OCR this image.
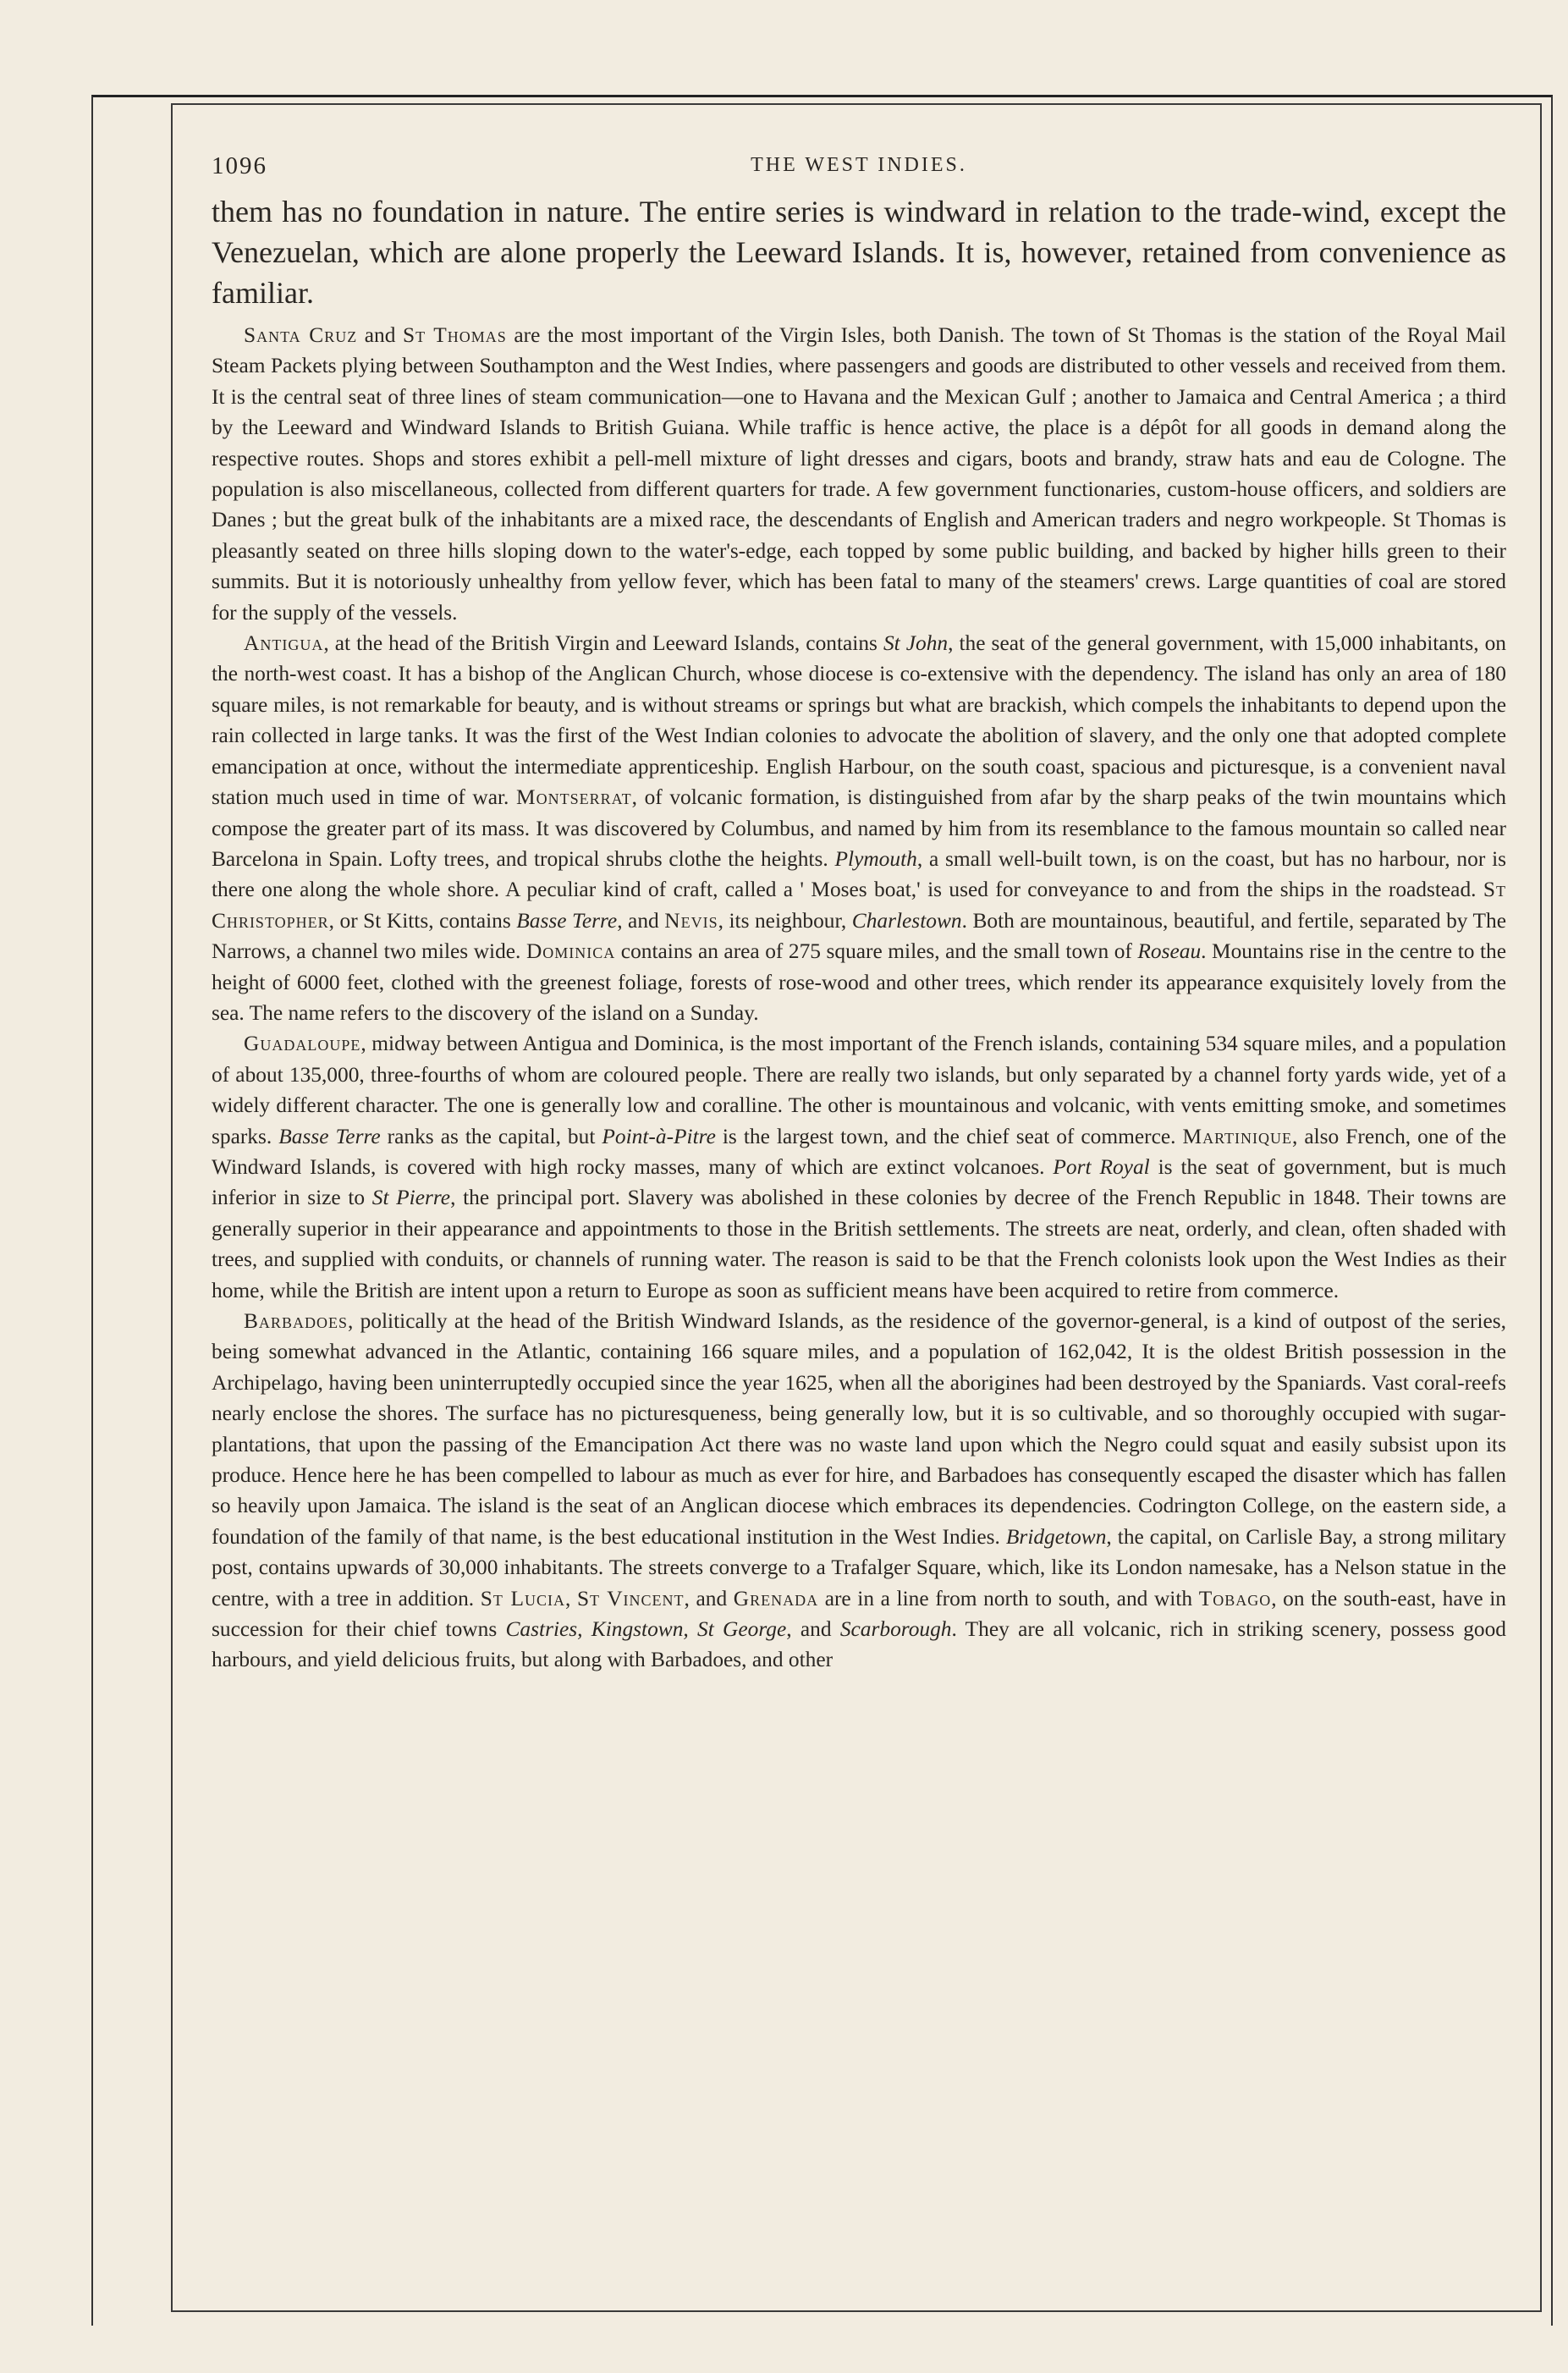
1096	THE WEST INDIES.

them has no foundation in nature. The entire series is windward in relation to the trade-wind, except the Venezuelan, which are alone properly the Leeward Islands. It is, however, retained from convenience as familiar.

Santa Cruz and St Thomas are the most important of the Virgin Isles, both Danish. The town of St Thomas is the station of the Royal Mail Steam Packets plying between Southampton and the West Indies, where passengers and goods are distributed to other vessels and received from them. It is the central seat of three lines of steam communication—one to Havana and the Mexican Gulf ; another to Jamaica and Central America ; a third by the Leeward and Windward Islands to British Guiana. While traffic is hence active, the place is a dépôt for all goods in demand along the respective routes. Shops and stores exhibit a pell-mell mixture of light dresses and cigars, boots and brandy, straw hats and eau de Cologne. The population is also miscellaneous, collected from different quarters for trade. A few government functionaries, custom-house officers, and soldiers are Danes ; but the great bulk of the inhabitants are a mixed race, the descendants of English and American traders and negro workpeople. St Thomas is pleasantly seated on three hills sloping down to the water's-edge, each topped by some public building, and backed by higher hills green to their summits. But it is notoriously unhealthy from yellow fever, which has been fatal to many of the steamers' crews. Large quantities of coal are stored for the supply of the vessels.

Antigua, at the head of the British Virgin and Leeward Islands, contains St John, the seat of the general government, with 15,000 inhabitants, on the north-west coast. It has a bishop of the Anglican Church, whose diocese is co-extensive with the dependency. The island has only an area of 180 square miles, is not remarkable for beauty, and is without streams or springs but what are brackish, which compels the inhabitants to depend upon the rain collected in large tanks. It was the first of the West Indian colonies to advocate the abolition of slavery, and the only one that adopted complete emancipation at once, without the intermediate apprenticeship. English Harbour, on the south coast, spacious and picturesque, is a convenient naval station much used in time of war. Montserrat, of volcanic formation, is distinguished from afar by the sharp peaks of the twin mountains which compose the greater part of its mass. It was discovered by Columbus, and named by him from its resemblance to the famous mountain so called near Barcelona in Spain. Lofty trees, and tropical shrubs clothe the heights. Plymouth, a small well-built town, is on the coast, but has no harbour, nor is there one along the whole shore. A peculiar kind of craft, called a ' Moses boat,' is used for conveyance to and from the ships in the roadstead. St Christopher, or St Kitts, contains Basse Terre, and Nevis, its neighbour, Charlestown. Both are mountainous, beautiful, and fertile, separated by The Narrows, a channel two miles wide. Dominica contains an area of 275 square miles, and the small town of Roseau. Mountains rise in the centre to the height of 6000 feet, clothed with the greenest foliage, forests of rose-wood and other trees, which render its appearance exquisitely lovely from the sea. The name refers to the discovery of the island on a Sunday.

Guadaloupe, midway between Antigua and Dominica, is the most important of the French islands, containing 534 square miles, and a population of about 135,000, three-fourths of whom are coloured people. There are really two islands, but only separated by a channel forty yards wide, yet of a widely different character. The one is generally low and coralline. The other is mountainous and volcanic, with vents emitting smoke, and sometimes sparks. Basse Terre ranks as the capital, but Point-à-Pitre is the largest town, and the chief seat of commerce. Martinique, also French, one of the Windward Islands, is covered with high rocky masses, many of which are extinct volcanoes. Port Royal is the seat of government, but is much inferior in size to St Pierre, the principal port. Slavery was abolished in these colonies by decree of the French Republic in 1848. Their towns are generally superior in their appearance and appointments to those in the British settlements. The streets are neat, orderly, and clean, often shaded with trees, and supplied with conduits, or channels of running water. The reason is said to be that the French colonists look upon the West Indies as their home, while the British are intent upon a return to Europe as soon as sufficient means have been acquired to retire from commerce.

Barbadoes, politically at the head of the British Windward Islands, as the residence of the governor-general, is a kind of outpost of the series, being somewhat advanced in the Atlantic, containing 166 square miles, and a population of 162,042, It is the oldest British possession in the Archipelago, having been uninterruptedly occupied since the year 1625, when all the aborigines had been destroyed by the Spaniards. Vast coral-reefs nearly enclose the shores. The surface has no picturesqueness, being generally low, but it is so cultivable, and so thoroughly occupied with sugar-plantations, that upon the passing of the Emancipation Act there was no waste land upon which the Negro could squat and easily subsist upon its produce. Hence here he has been compelled to labour as much as ever for hire, and Barbadoes has consequently escaped the disaster which has fallen so heavily upon Jamaica. The island is the seat of an Anglican diocese which embraces its dependencies. Codrington College, on the eastern side, a foundation of the family of that name, is the best educational institution in the West Indies. Bridgetown, the capital, on Carlisle Bay, a strong military post, contains upwards of 30,000 inhabitants. The streets converge to a Trafalger Square, which, like its London namesake, has a Nelson statue in the centre, with a tree in addition. St Lucia, St Vincent, and Grenada are in a line from north to south, and with Tobago, on the south-east, have in succession for their chief towns Castries, Kingstown, St George, and Scarborough. They are all volcanic, rich in striking scenery, possess good harbours, and yield delicious fruits, but along with Barbadoes, and other
